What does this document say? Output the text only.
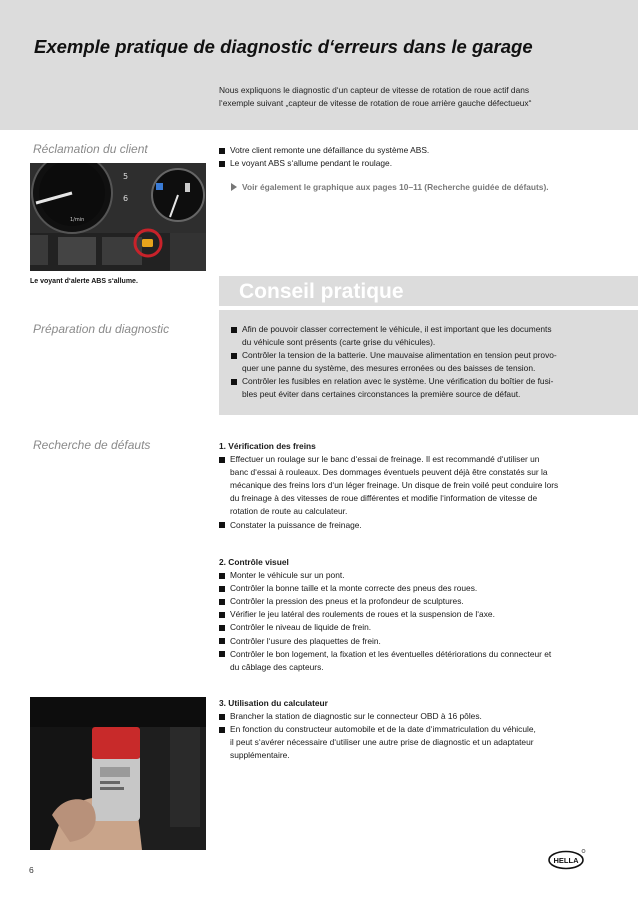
Exemple pratique de diagnostic d‘erreurs dans le garage
Nous expliquons le diagnostic d‘un capteur de vitesse de rotation de roue actif dans
l‘exemple suivant „capteur de vitesse de rotation de roue arrière gauche défectueux“
Réclamation du client
1/min
5
6
Le voyant d‘alerte ABS s‘allume.
Votre client remonte une défaillance du système ABS.
Le voyant ABS s‘allume pendant le roulage.
Voir également le graphique aux pages 10–11 (Recherche guidée de défauts).
Conseil pratique
Préparation du diagnostic	Afin de pouvoir classer correctement le véhicule, il est important que les documents
du véhicule sont présents (carte grise du véhicules).
Contrôler la tension de la batterie. Une mauvaise alimentation en tension peut provo-
quer une panne du système, des mesures erronées ou des baisses de tension.
Contrôler les fusibles en relation avec le système. Une vérification du boîtier de fusi-
bles peut éviter dans certaines circonstances la première source de défaut.
Recherche de défauts	1. Vérification des freins
Effectuer un roulage sur le banc d‘essai de freinage. Il est recommandé d‘utiliser un
banc d‘essai à rouleaux. Des dommages éventuels peuvent déjà être constatés sur la
mécanique des freins lors d‘un léger freinage. Un disque de frein voilé peut conduire lors
du freinage à des vitesses de roue différentes et modifie l‘information de vitesse de
rotation de route au calculateur.
Constater la puissance de freinage.
2. Contrôle visuel
Monter le véhicule sur un pont.
Contrôler la bonne taille et la monte correcte des pneus des roues.
Contrôler la pression des pneus et la profondeur de sculptures.
Vérifier le jeu latéral des roulements de roues et la suspension de l‘axe.
Contrôler le niveau de liquide de frein.
Contrôler l‘usure des plaquettes de frein.
Contrôler le bon logement, la fixation et les éventuelles détériorations du connecteur et
du câblage des capteurs.
3. Utilisation du calculateur
Brancher la station de diagnostic sur le connecteur OBD à 16 pôles.
En fonction du constructeur automobile et de la date d‘immatriculation du véhicule,
il peut s‘avérer nécessaire d‘utiliser une autre prise de diagnostic et un adaptateur
supplémentaire.
6
HELLA
